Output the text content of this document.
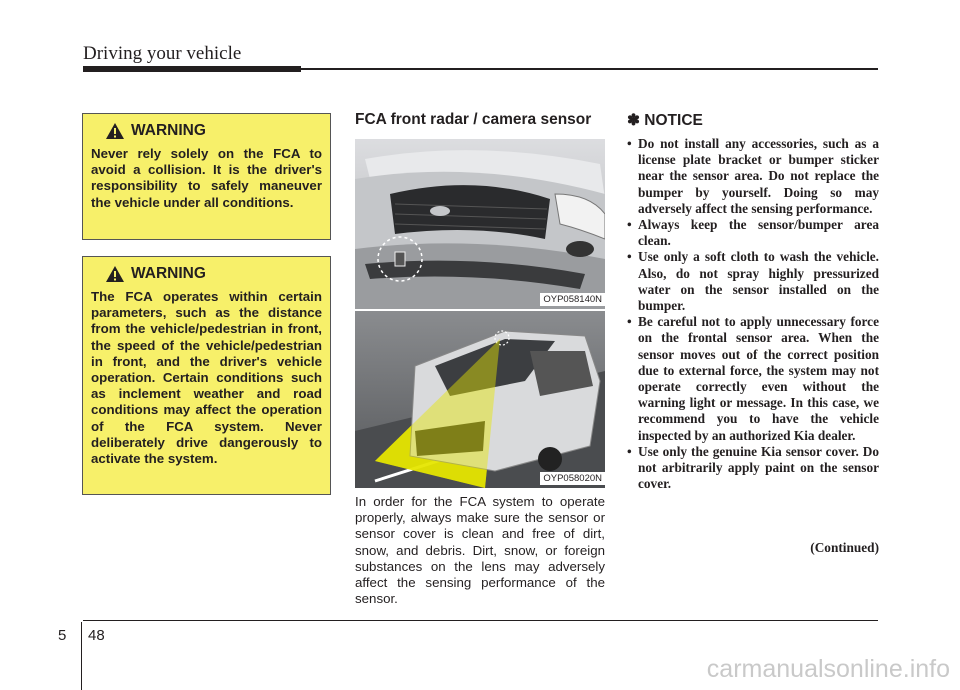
Driving your vehicle
WARNING
Never rely solely on the FCA to avoid a collision. It is the driver's responsibility to safely maneuver the vehicle under all conditions.
WARNING
The FCA operates within certain parameters, such as the distance from the vehicle/pedestrian in front, the speed of the vehicle/pedestrian in front, and the driver's vehicle operation. Certain conditions such as inclement weather and road conditions may affect the operation of the FCA system. Never deliberately drive dangerously to activate the system.
FCA front radar / camera sensor
OYP058140N
OYP058020N
In order for the FCA system to operate properly, always make sure the sensor or sensor cover is clean and free of dirt, snow, and debris. Dirt, snow, or foreign substances on the lens may adversely affect the sensing performance of the sensor.
✽ NOTICE
• Do not install any accessories, such as a license plate bracket or bumper sticker near the sensor area. Do not replace the bumper by yourself. Doing so may adversely affect the sensing performance.
• Always keep the sensor/bumper area clean.
• Use only a soft cloth to wash the vehicle. Also, do not spray highly pressurized water on the sensor installed on the bumper.
• Be careful not to apply unnecessary force on the frontal sensor area. When the sensor moves out of the correct position due to external force, the system may not operate correctly even without the warning light or message. In this case, we recommend you to have the vehicle inspected by an authorized Kia dealer.
• Use only the genuine Kia sensor cover. Do not arbitrarily apply paint on the sensor cover.
(Continued)
5 48
carmanualsonline.info
